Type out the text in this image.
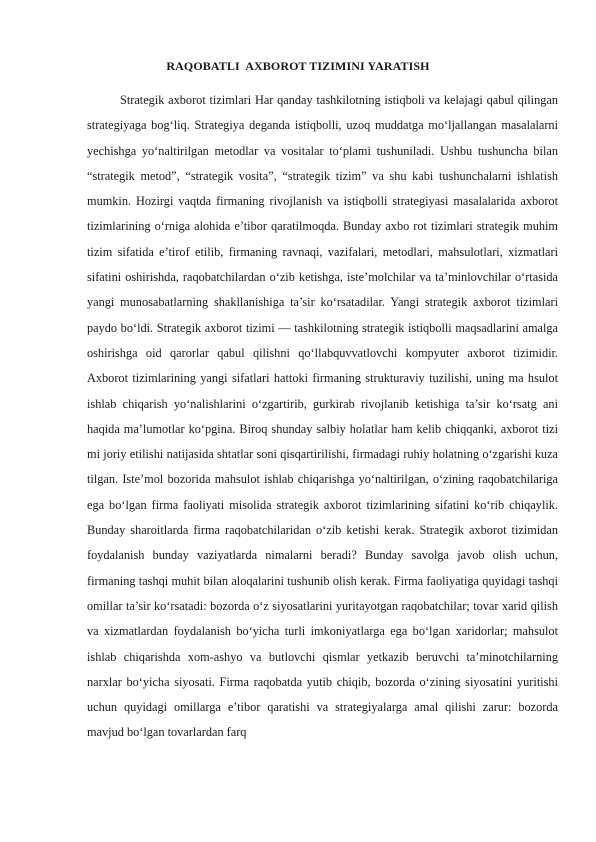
RAQOBATLI  AXBOROT TIZIMINI YARATISH

Strategik axborot tizimlari Har qanday tashkilotning istiqboli va kelajagi qabul qilingan strategiyaga bog‘liq. Strategiya deganda istiqbolli, uzoq muddatga mo‘ljallangan masalalarni yechishga yo‘naltirilgan metodlar va vositalar to‘plami tushuniladi. Ushbu tushuncha bilan “strategik metod”, “strategik vosita”, “strategik tizim” va shu kabi tushunchalarni ishlatish mumkin. Hozirgi vaqtda firmaning rivojlanish va istiqbolli strategiyasi masalalarida axborot tizimlarining o‘rniga alohida e’tibor qaratilmoqda. Bunday axbo rot tizimlari strategik muhim tizim sifatida e’tirof etilib, firmaning ravnaqi, vazifalari, metodlari, mahsulotlari, xizmatlari sifatini oshirishda, raqobatchilardan o‘zib ketishga, iste’molchilar va ta’minlovchilar o‘rtasida yangi munosabatlarning shakllanishiga ta’sir ko‘rsatadilar. Yangi strategik axborot tizimlari paydo bo‘ldi. Strategik axborot tizimi — tashkilotning strategik istiqbolli maqsadlarini amalga oshirishga oid qarorlar qabul qilishni qo‘llabquvvatlovchi kompyuter axborot tizimidir. Axborot tizimlarining yangi sifatlari hattoki firmaning strukturaviy tuzilishi, uning ma hsulot ishlab chiqarish yo‘nalishlarini o‘zgartirib, gurkirab rivojlanib ketishiga ta’sir ko‘rsatg ani haqida ma’lumotlar ko‘pgina. Biroq shunday salbiy holatlar ham kelib chiqqanki, axborot tizi mi joriy etilishi natijasida shtatlar soni qisqartirilishi, firmadagi ruhiy holatning o‘zgarishi kuza tilgan. Iste’mol bozorida mahsulot ishlab chiqarishga yo‘naltirilgan, o‘zining raqobatchilariga ega bo‘lgan firma faoliyati misolida strategik axborot tizimlarining sifatini ko‘rib chiqaylik. Bunday sharoitlarda firma raqobatchilaridan o‘zib ketishi kerak. Strategik axborot tizimidan foydalanish bunday vaziyatlarda nimalarni beradi? Bunday savolga javob olish uchun, firmaning tashqi muhit bilan aloqalarini tushunib olish kerak. Firma faoliyatiga quyidagi tashqi omillar ta’sir ko‘rsatadi: bozorda o‘z siyosatlarini yuritayotgan raqobatchilar; tovar xarid qilish va xizmatlardan foydalanish bo‘yicha turli imkoniyatlarga ega bo‘lgan xaridorlar; mahsulot ishlab chiqarishda xom-ashyo va butlovchi qismlar yetkazib beruvchi ta’minotchilarning narxlar bo‘yicha siyosati. Firma raqobatda yutib chiqib, bozorda o‘zining siyosatini yuritishi uchun quyidagi omillarga e’tibor qaratishi va strategiyalarga amal qilishi zarur: bozorda mavjud bo‘lgan tovarlardan farq
